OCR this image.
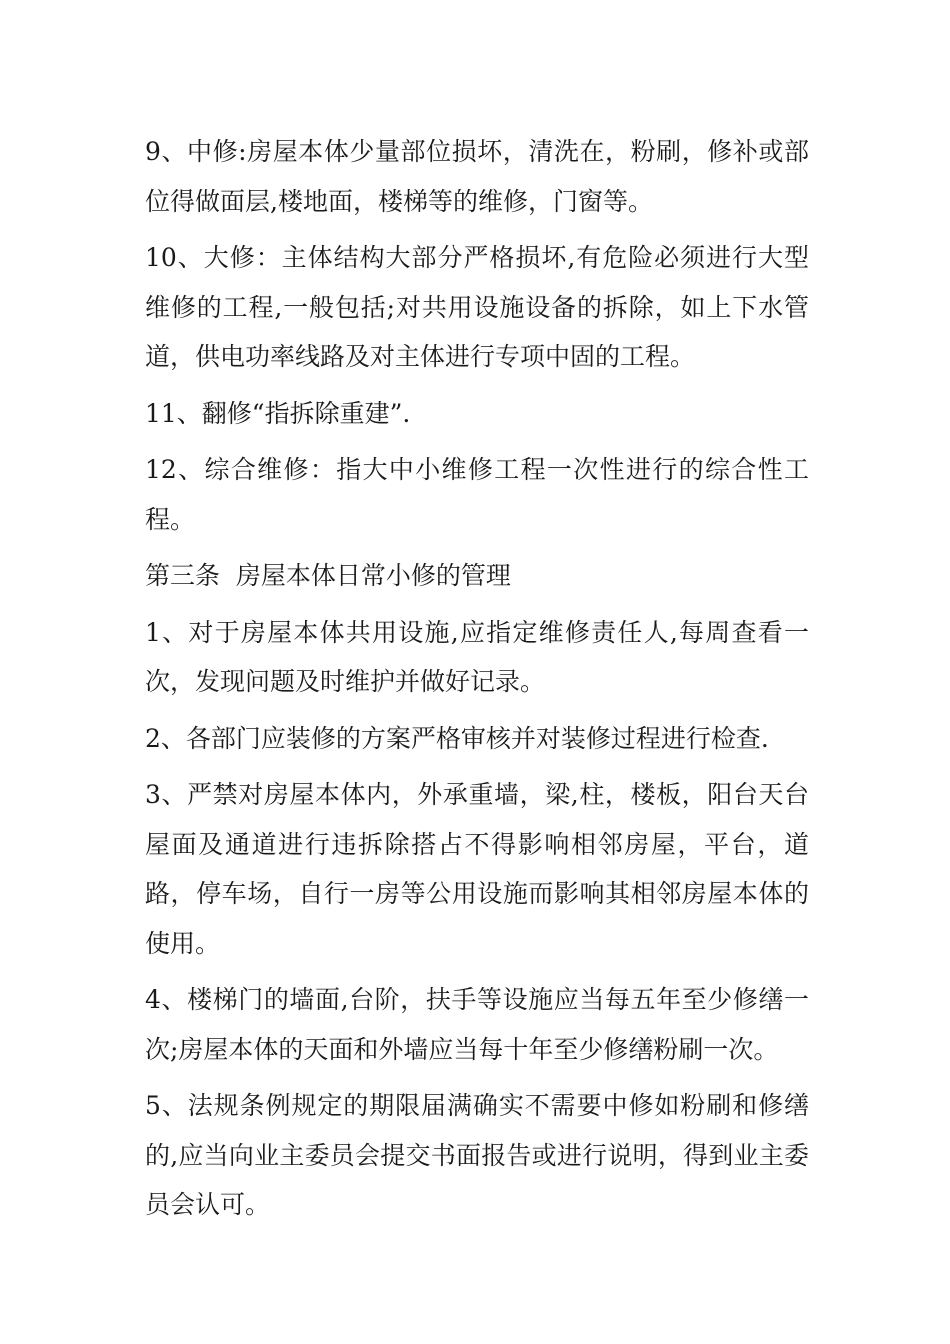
9、中修:房屋本体少量部位损坏，清洗在，粉刷，修补或部位得做面层,楼地面，楼梯等的维修，门窗等。

10、大修：主体结构大部分严格损坏,有危险必须进行大型维修的工程,一般包括;对共用设施设备的拆除，如上下水管道，供电功率线路及对主体进行专项中固的工程。

11、翻修“指拆除重建”.

12、综合维修：指大中小维修工程一次性进行的综合性工程。

第三条  房屋本体日常小修的管理

1、对于房屋本体共用设施,应指定维修责任人,每周查看一次，发现问题及时维护并做好记录。

2、各部门应装修的方案严格审核并对装修过程进行检查.

3、严禁对房屋本体内，外承重墙，梁,柱，楼板，阳台天台屋面及通道进行违拆除搭占不得影响相邻房屋，平台，道路，停车场，自行一房等公用设施而影响其相邻房屋本体的使用。

4、楼梯门的墙面,台阶，扶手等设施应当每五年至少修缮一次;房屋本体的天面和外墙应当每十年至少修缮粉刷一次。

5、法规条例规定的期限届满确实不需要中修如粉刷和修缮的,应当向业主委员会提交书面报告或进行说明，得到业主委员会认可。
